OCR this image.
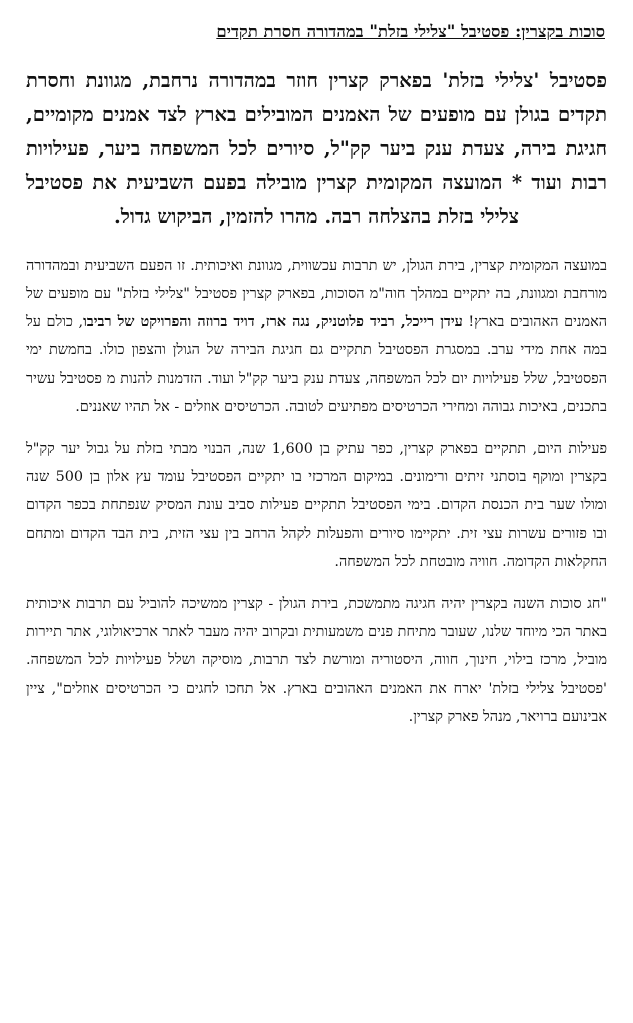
סוכות בקצרין: פסטיבל "צלילי בזלת" במהדורה חסרת תקדים

פסטיבל 'צלילי בזלת' בפארק קצרין חוזר במהדורה נרחבת, מגוונת וחסרת תקדים בגולן עם מופעים של האמנים המובילים בארץ לצד אמנים מקומיים, חגיגת בירה, צעדת ענק ביער קק"ל, סיורים לכל המשפחה ביער, פעילויות רבות ועוד * המועצה המקומית קצרין מובילה בפעם השביעית את פסטיבל צלילי בזלת בהצלחה רבה. מהרו להזמין, הביקוש גדול.

במועצה המקומית קצרין, בירת הגולן, יש תרבות עכשווית, מגוונת ואיכותית. זו הפעם השביעית ובמהדורה מורחבת ומגוונת, בה יתקיים במהלך חוה"מ הסוכות, בפארק קצרין פסטיבל "צלילי בזלת" עם מופעים של האמנים האהובים בארץ! עידן רייכל, רביד פלוטניק, נגה ארז, דויד ברוזה והפרויקט של רביבו, כולם על במה אחת מידי ערב. במסגרת הפסטיבל תתקיים גם חגיגת הבירה של הגולן והצפון כולו. בחמשת ימי הפסטיבל, שלל פעילויות יום לכל המשפחה, צעדת ענק ביער קק"ל ועוד. הזדמנות להנות מ פסטיבל עשיר בתכנים, באיכות גבוהה ומחירי הכרטיסים מפתיעים לטובה. הכרטיסים אוזלים - אל תהיו שאננים.

פעילות היום, תתקיים בפארק קצרין, כפר עתיק בן 1,600 שנה, הבנוי מבתי בזלת על גבול יער קק"ל בקצרין ומוקף בוסתני זיתים ורימונים. במיקום המרכזי בו יתקיים הפסטיבל עומד עץ אלון בן 500 שנה ומולו שער בית הכנסת הקדום. בימי הפסטיבל תתקיים פעילות סביב עונת המסיק שנפתחת בכפר הקדום ובו פזורים עשרות עצי זית. יתקיימו סיורים והפעלות לקהל הרחב בין עצי הזית, בית הבד הקדום ומתחם החקלאות הקדומה. חוויה מובטחת לכל המשפחה.

"חג סוכות השנה בקצרין יהיה חגיגה מתמשכת, בירת הגולן - קצרין ממשיכה להוביל עם תרבות איכותית באתר הכי מיוחד שלנו, שעובר מתיחת פנים משמעותית ובקרוב יהיה מעבר לאתר ארכיאולוגי, אתר תיירות מוביל, מרכז בילוי, חינוך, חווה, היסטוריה ומורשת לצד תרבות, מוסיקה ושלל פעילויות לכל המשפחה. 'פסטיבל צלילי בזלת' יארח את האמנים האהובים בארץ. אל תחכו לחגים כי הכרטיסים אוזלים", ציין אבינועם ברויאר, מנהל פארק קצרין.
